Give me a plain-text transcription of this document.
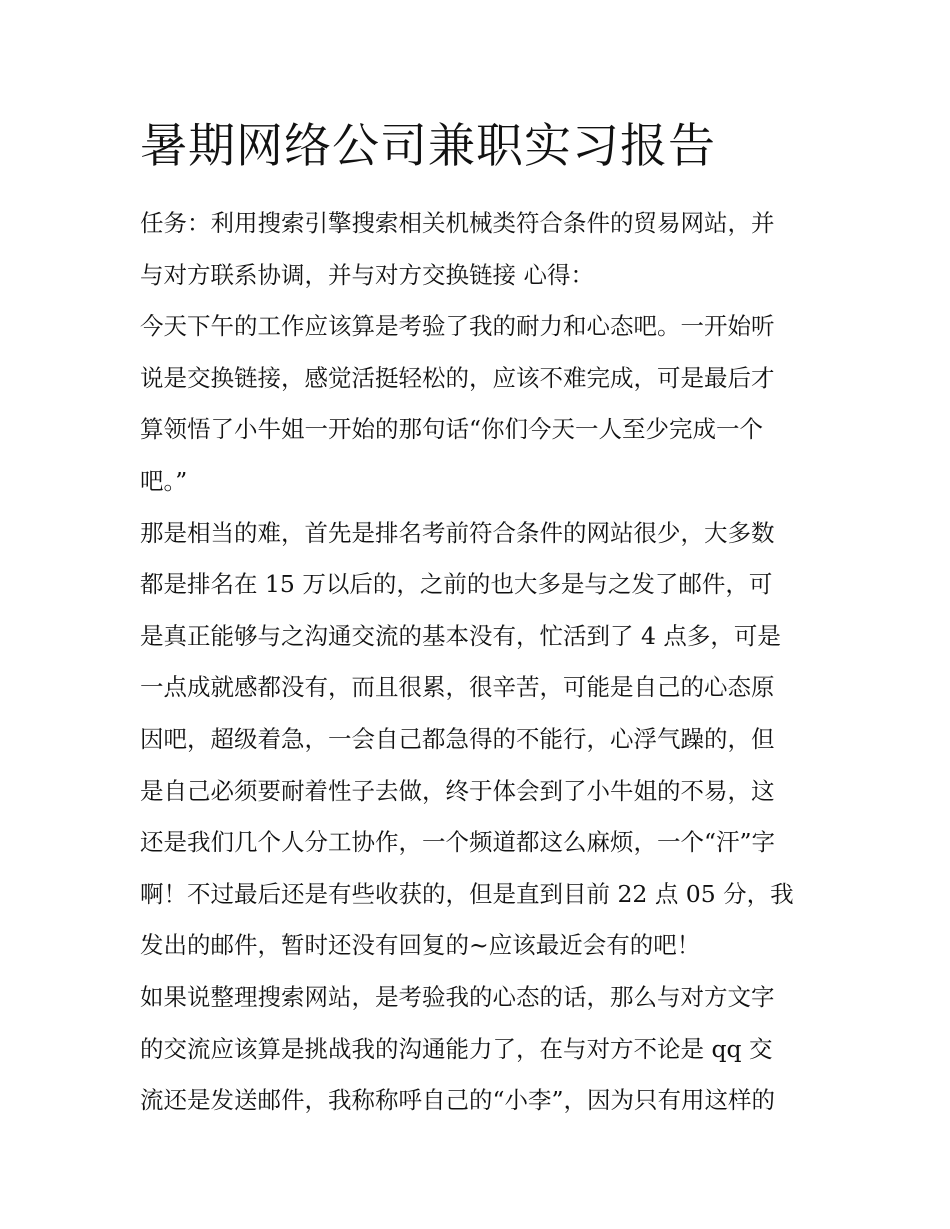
暑期网络公司兼职实习报告
任务：利用搜索引擎搜索相关机械类符合条件的贸易网站，并
与对方联系协调，并与对方交换链接 心得：
今天下午的工作应该算是考验了我的耐力和心态吧。一开始听
说是交换链接，感觉活挺轻松的，应该不难完成，可是最后才
算领悟了小牛姐一开始的那句话“你们今天一人至少完成一个
吧。”
那是相当的难，首先是排名考前符合条件的网站很少，大多数
都是排名在 15 万以后的，之前的也大多是与之发了邮件，可
是真正能够与之沟通交流的基本没有，忙活到了 4 点多，可是
一点成就感都没有，而且很累，很辛苦，可能是自己的心态原
因吧，超级着急，一会自己都急得的不能行，心浮气躁的，但
是自己必须要耐着性子去做，终于体会到了小牛姐的不易，这
还是我们几个人分工协作，一个频道都这么麻烦，一个“汗”字
啊！不过最后还是有些收获的，但是直到目前 22 点 05 分，我
发出的邮件，暂时还没有回复的~应该最近会有的吧！
如果说整理搜索网站，是考验我的心态的话，那么与对方文字
的交流应该算是挑战我的沟通能力了，在与对方不论是 qq 交
流还是发送邮件，我称称呼自己的“小李”，因为只有用这样的
